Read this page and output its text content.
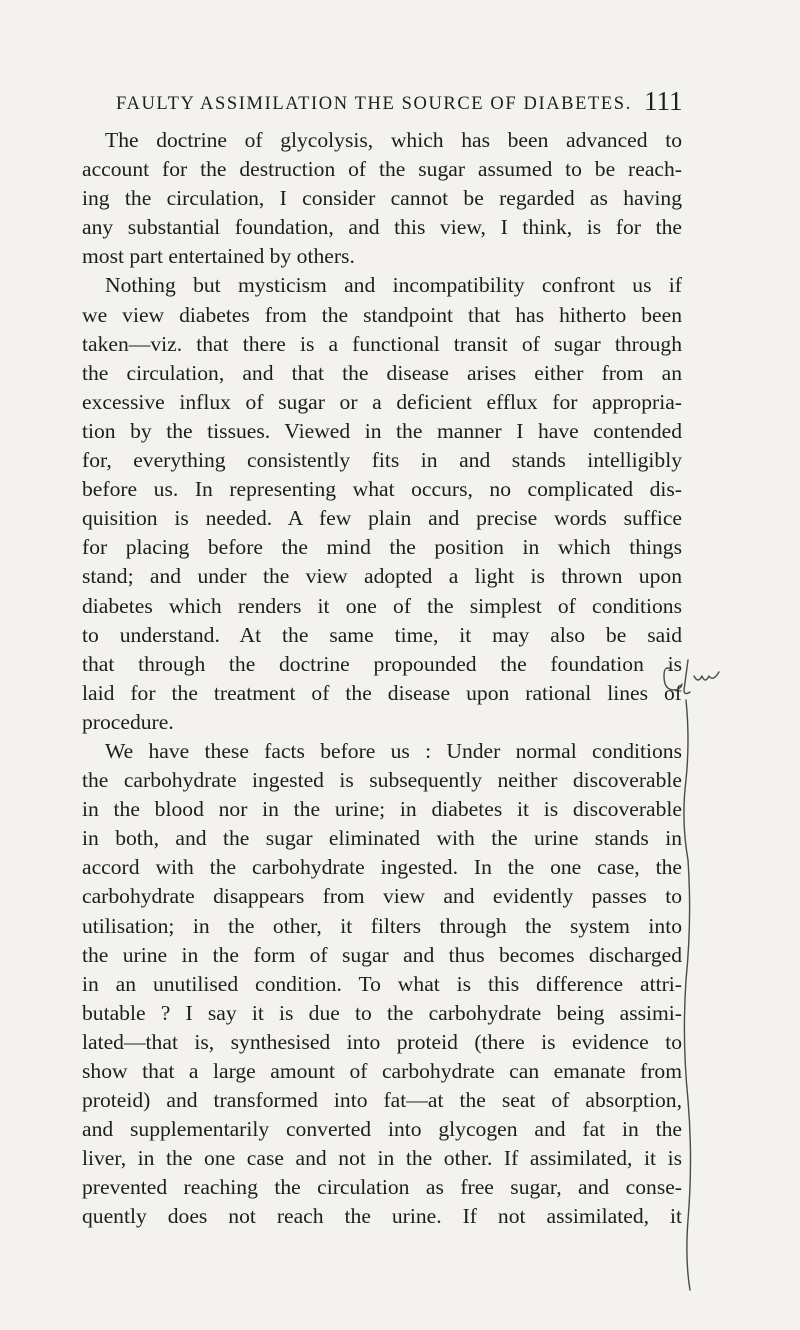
FAULTY ASSIMILATION THE SOURCE OF DIABETES. 111

The doctrine of glycolysis, which has been advanced to
account for the destruction of the sugar assumed to be reach-
ing the circulation, I consider cannot be regarded as having
any substantial foundation, and this view, I think, is for the
most part entertained by others.

Nothing but mysticism and incompatibility confront us if
we view diabetes from the standpoint that has hitherto been
taken—viz. that there is a functional transit of sugar through
the circulation, and that the disease arises either from an
excessive influx of sugar or a deficient efflux for appropria-
tion by the tissues. Viewed in the manner I have contended
for, everything consistently fits in and stands intelligibly
before us. In representing what occurs, no complicated dis-
quisition is needed. A few plain and precise words suffice
for placing before the mind the position in which things
stand; and under the view adopted a light is thrown upon
diabetes which renders it one of the simplest of conditions
to understand. At the same time, it may also be said
that through the doctrine propounded the foundation is
laid for the treatment of the disease upon rational lines of
procedure.

We have these facts before us : Under normal conditions
the carbohydrate ingested is subsequently neither discoverable
in the blood nor in the urine; in diabetes it is discoverable
in both, and the sugar eliminated with the urine stands in
accord with the carbohydrate ingested. In the one case, the
carbohydrate disappears from view and evidently passes to
utilisation; in the other, it filters through the system into
the urine in the form of sugar and thus becomes discharged
in an unutilised condition. To what is this difference attri-
butable ? I say it is due to the carbohydrate being assimi-
lated—that is, synthesised into proteid (there is evidence to
show that a large amount of carbohydrate can emanate from
proteid) and transformed into fat—at the seat of absorption,
and supplementarily converted into glycogen and fat in the
liver, in the one case and not in the other. If assimilated, it is
prevented reaching the circulation as free sugar, and conse-
quently does not reach the urine. If not assimilated, it
